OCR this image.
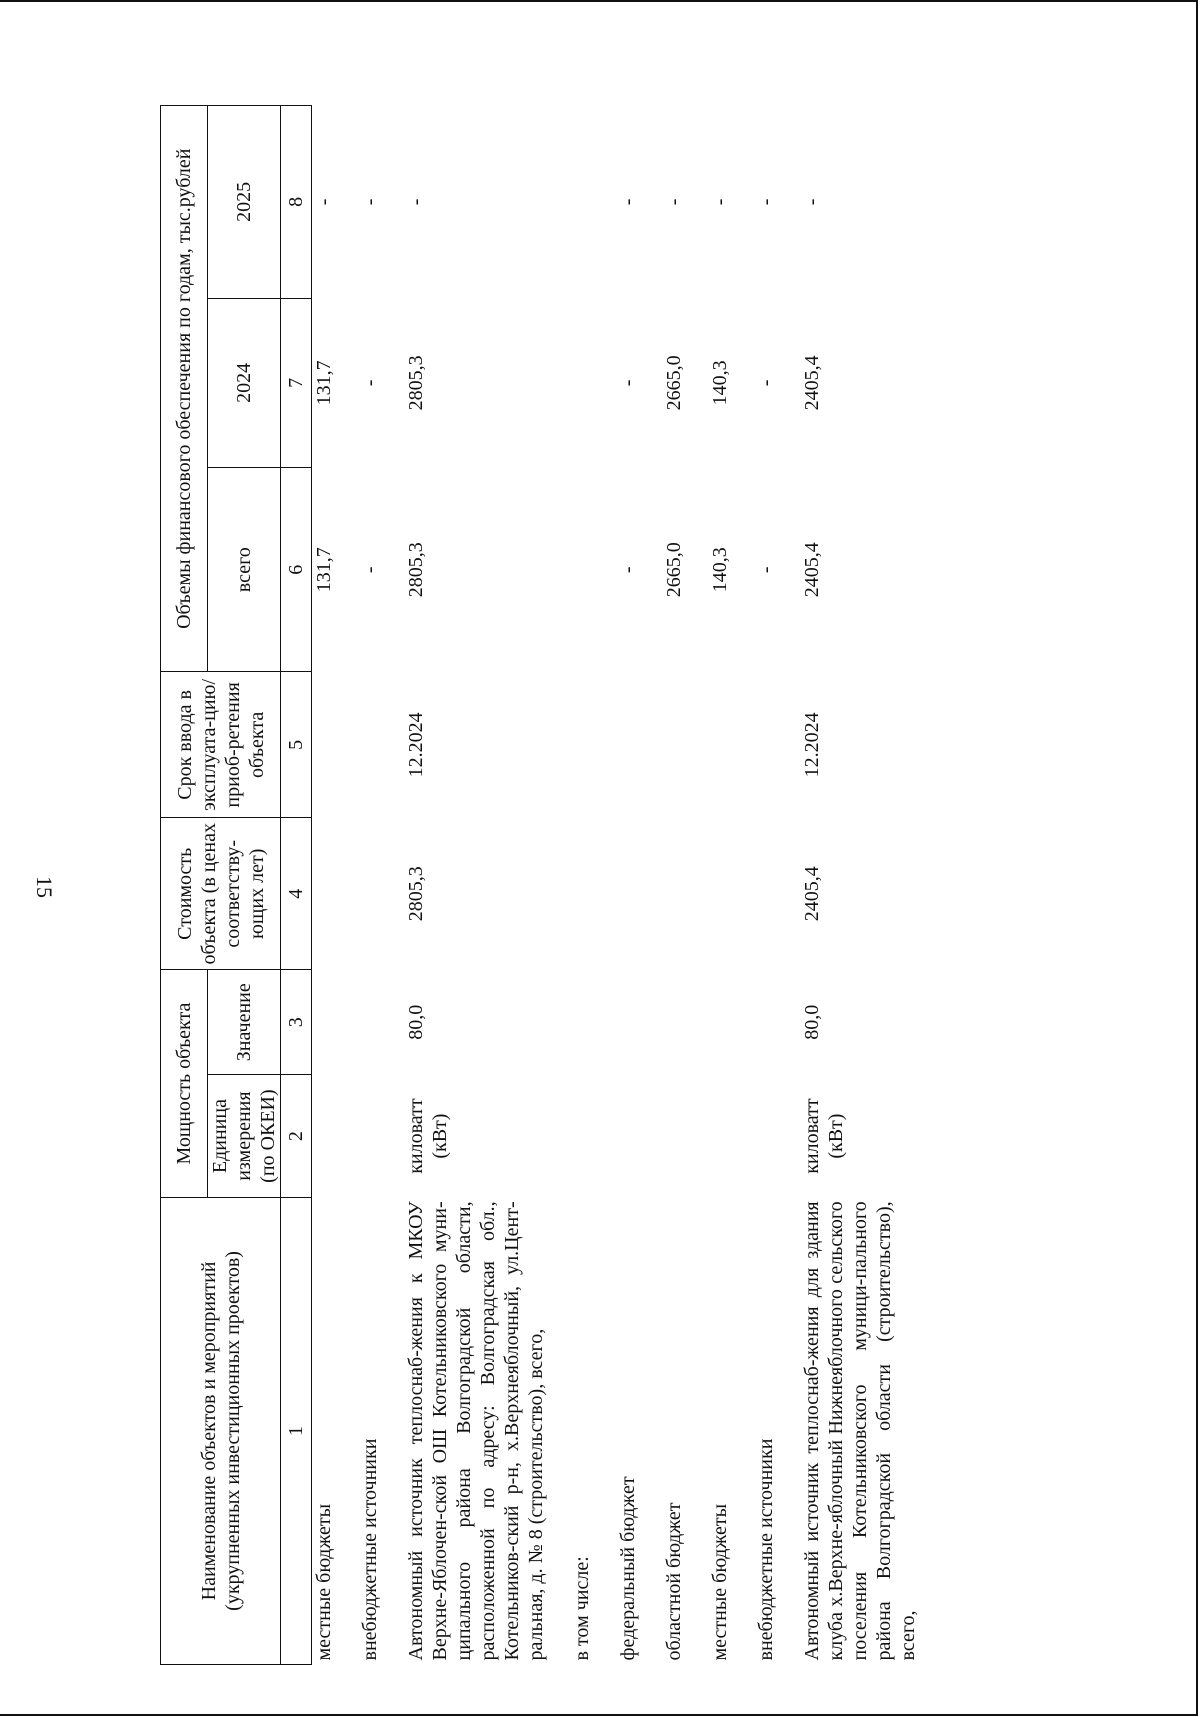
15
Наименование объектов и мероприятий (укрупненных инвестиционных проектов)	Мощность объекта		Стоимость объекта (в ценах соответству-ющих лет)	Срок ввода в эксплуата-цию/приоб-ретения объекта	Объемы финансового обеспечения по годам, тыс.рублей		
	Единица измерения (по ОКЕИ)	Значение			всего	2024	2025
1	2	3	4	5	6	7	8
местные бюджеты					131,7	131,7	-

внебюджетные источники					-	-	-

Автономный источник теплоснаб-жения к МКОУ Верхне-Яблочен-ской ОШ Котельниковского муни-ципального района Волгоградской области, расположенной по адресу: Волгоградская обл., Котельников-ский р-н, х.Верхнеяблочный, ул.Цент-ральная, д. № 8 (строительство), всего,	киловатт (кВт)	80,0	2805,3	12.2024	2805,3	2805,3	-

в том числе:							

федеральный бюджет					-	-	-

областной бюджет					2665,0	2665,0	-

местные бюджеты					140,3	140,3	-

внебюджетные источники					-	-	-

Автономный источник теплоснаб-жения для здания клуба х.Верхне-яблочный Нижнеяблочного сельского поселения Котельниковского муници-пального района Волгоградской области (строительство), всего,	киловатт (кВт)	80,0	2405,4	12.2024	2405,4	2405,4	-
